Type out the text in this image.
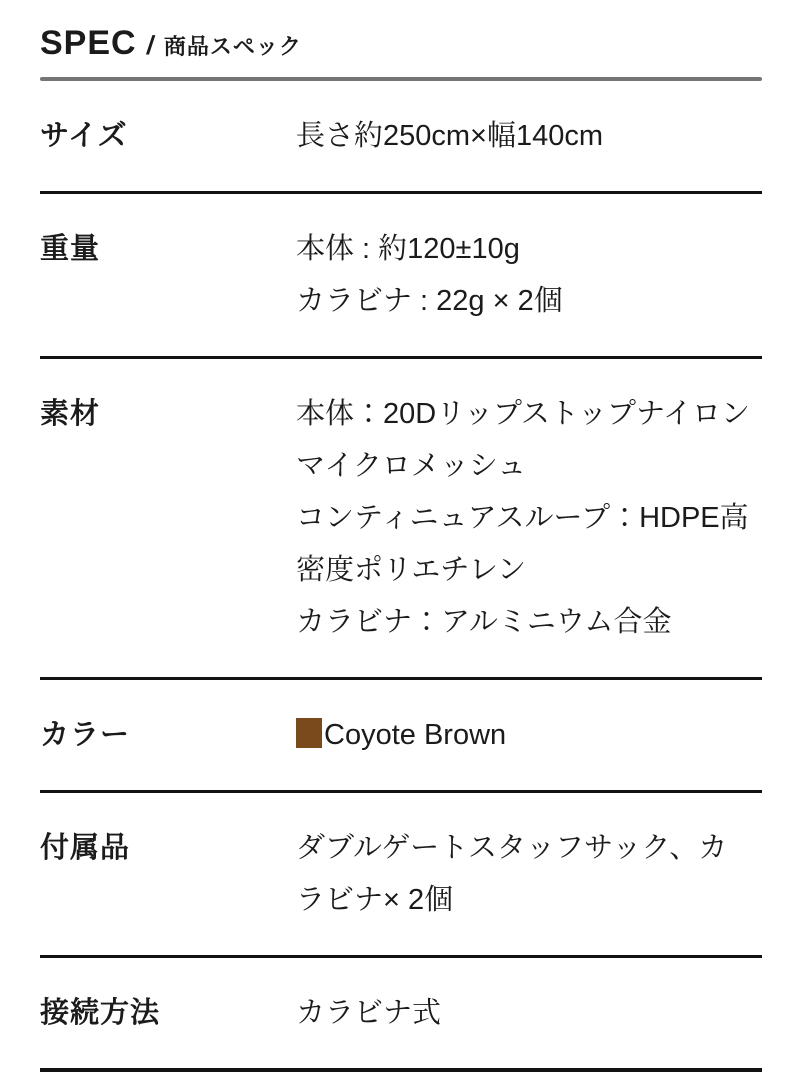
SPEC / 商品スペック
サイズ	長さ約250cm×幅140cm
重量	本体 : 約120±10g
カラビナ : 22g × 2個
素材	本体：20Dリップストップナイロンマイクロメッシュ
コンティニュアスループ：HDPE高密度ポリエチレン
カラビナ：アルミニウム合金
カラー	Coyote Brown
付属品	ダブルゲートスタッフサック、カラビナ× 2個
接続方法	カラビナ式
